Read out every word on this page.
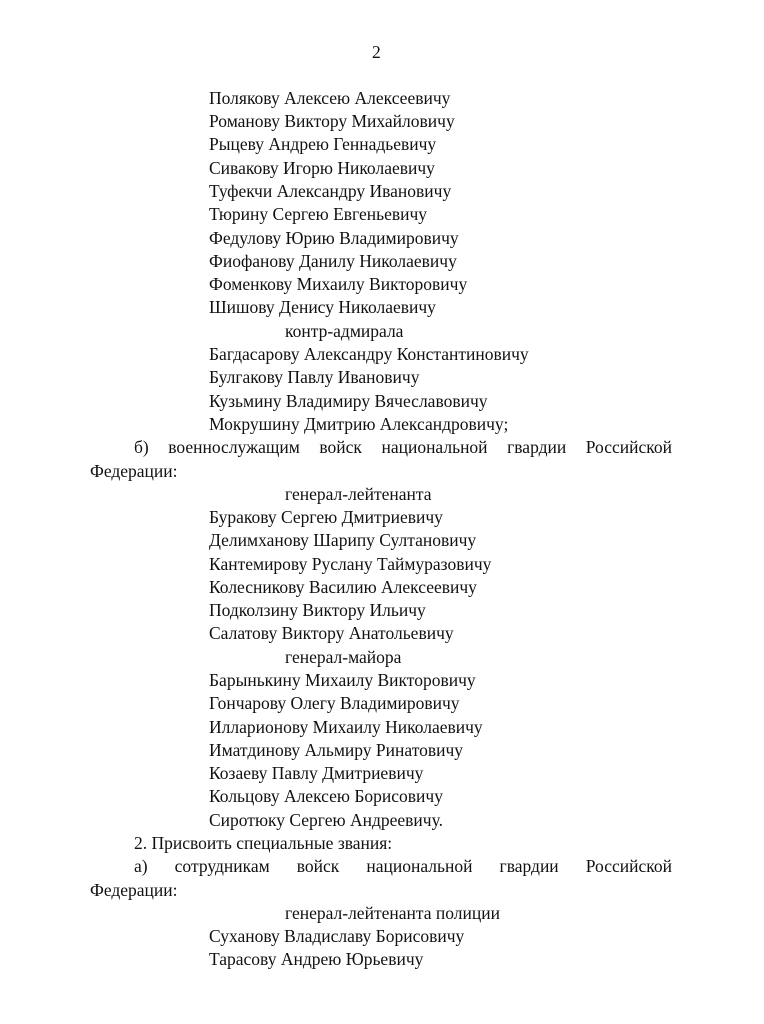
2
Полякову Алексею Алексеевичу
Романову Виктору Михайловичу
Рыцеву Андрею Геннадьевичу
Сивакову Игорю Николаевичу
Туфекчи Александру Ивановичу
Тюрину Сергею Евгеньевичу
Федулову Юрию Владимировичу
Фиофанову Данилу Николаевичу
Фоменкову Михаилу Викторовичу
Шишову Денису Николаевичу
контр-адмирала
Багдасарову Александру Константиновичу
Булгакову Павлу Ивановичу
Кузьмину Владимиру Вячеславовичу
Мокрушину Дмитрию Александровичу;
б) военнослужащим войск национальной гвардии Российской
Федерации:
генерал-лейтенанта
Буракову Сергею Дмитриевичу
Делимханову Шарипу Султановичу
Кантемирову Руслану Таймуразовичу
Колесникову Василию Алексеевичу
Подколзину Виктору Ильичу
Салатову Виктору Анатольевичу
генерал-майора
Барынькину Михаилу Викторовичу
Гончарову Олегу Владимировичу
Илларионову Михаилу Николаевичу
Иматдинову Альмиру Ринатовичу
Козаеву Павлу Дмитриевичу
Кольцову Алексею Борисовичу
Сиротюку Сергею Андреевичу.
2. Присвоить специальные звания:
а) сотрудникам войск национальной гвардии Российской
Федерации:
генерал-лейтенанта полиции
Суханову Владиславу Борисовичу
Тарасову Андрею Юрьевичу
